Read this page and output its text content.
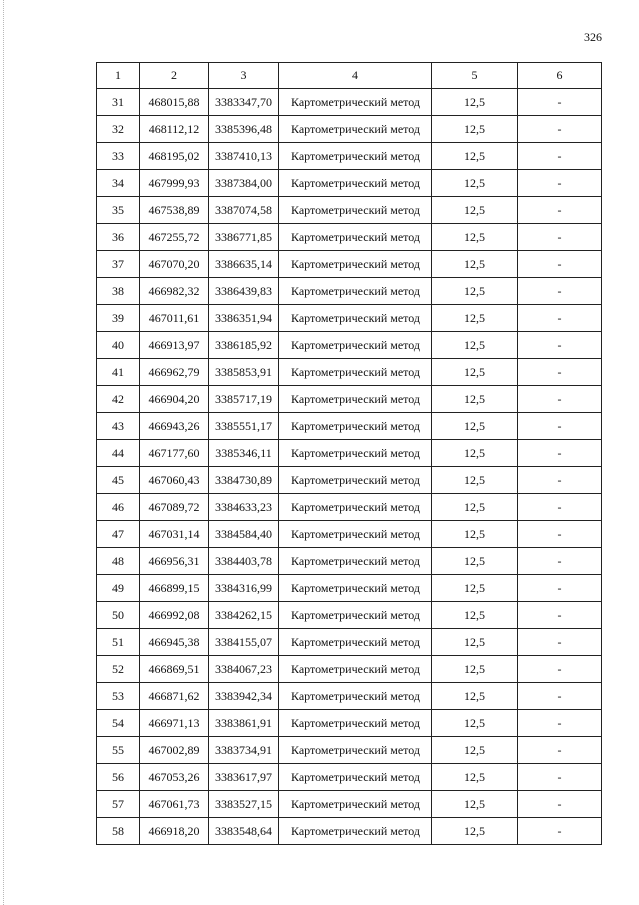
326
1	2	3	4	5	6
31	468015,88	3383347,70	Картометрический метод	12,5	-
32	468112,12	3385396,48	Картометрический метод	12,5	-
33	468195,02	3387410,13	Картометрический метод	12,5	-
34	467999,93	3387384,00	Картометрический метод	12,5	-
35	467538,89	3387074,58	Картометрический метод	12,5	-
36	467255,72	3386771,85	Картометрический метод	12,5	-
37	467070,20	3386635,14	Картометрический метод	12,5	-
38	466982,32	3386439,83	Картометрический метод	12,5	-
39	467011,61	3386351,94	Картометрический метод	12,5	-
40	466913,97	3386185,92	Картометрический метод	12,5	-
41	466962,79	3385853,91	Картометрический метод	12,5	-
42	466904,20	3385717,19	Картометрический метод	12,5	-
43	466943,26	3385551,17	Картометрический метод	12,5	-
44	467177,60	3385346,11	Картометрический метод	12,5	-
45	467060,43	3384730,89	Картометрический метод	12,5	-
46	467089,72	3384633,23	Картометрический метод	12,5	-
47	467031,14	3384584,40	Картометрический метод	12,5	-
48	466956,31	3384403,78	Картометрический метод	12,5	-
49	466899,15	3384316,99	Картометрический метод	12,5	-
50	466992,08	3384262,15	Картометрический метод	12,5	-
51	466945,38	3384155,07	Картометрический метод	12,5	-
52	466869,51	3384067,23	Картометрический метод	12,5	-
53	466871,62	3383942,34	Картометрический метод	12,5	-
54	466971,13	3383861,91	Картометрический метод	12,5	-
55	467002,89	3383734,91	Картометрический метод	12,5	-
56	467053,26	3383617,97	Картометрический метод	12,5	-
57	467061,73	3383527,15	Картометрический метод	12,5	-
58	466918,20	3383548,64	Картометрический метод	12,5	-
